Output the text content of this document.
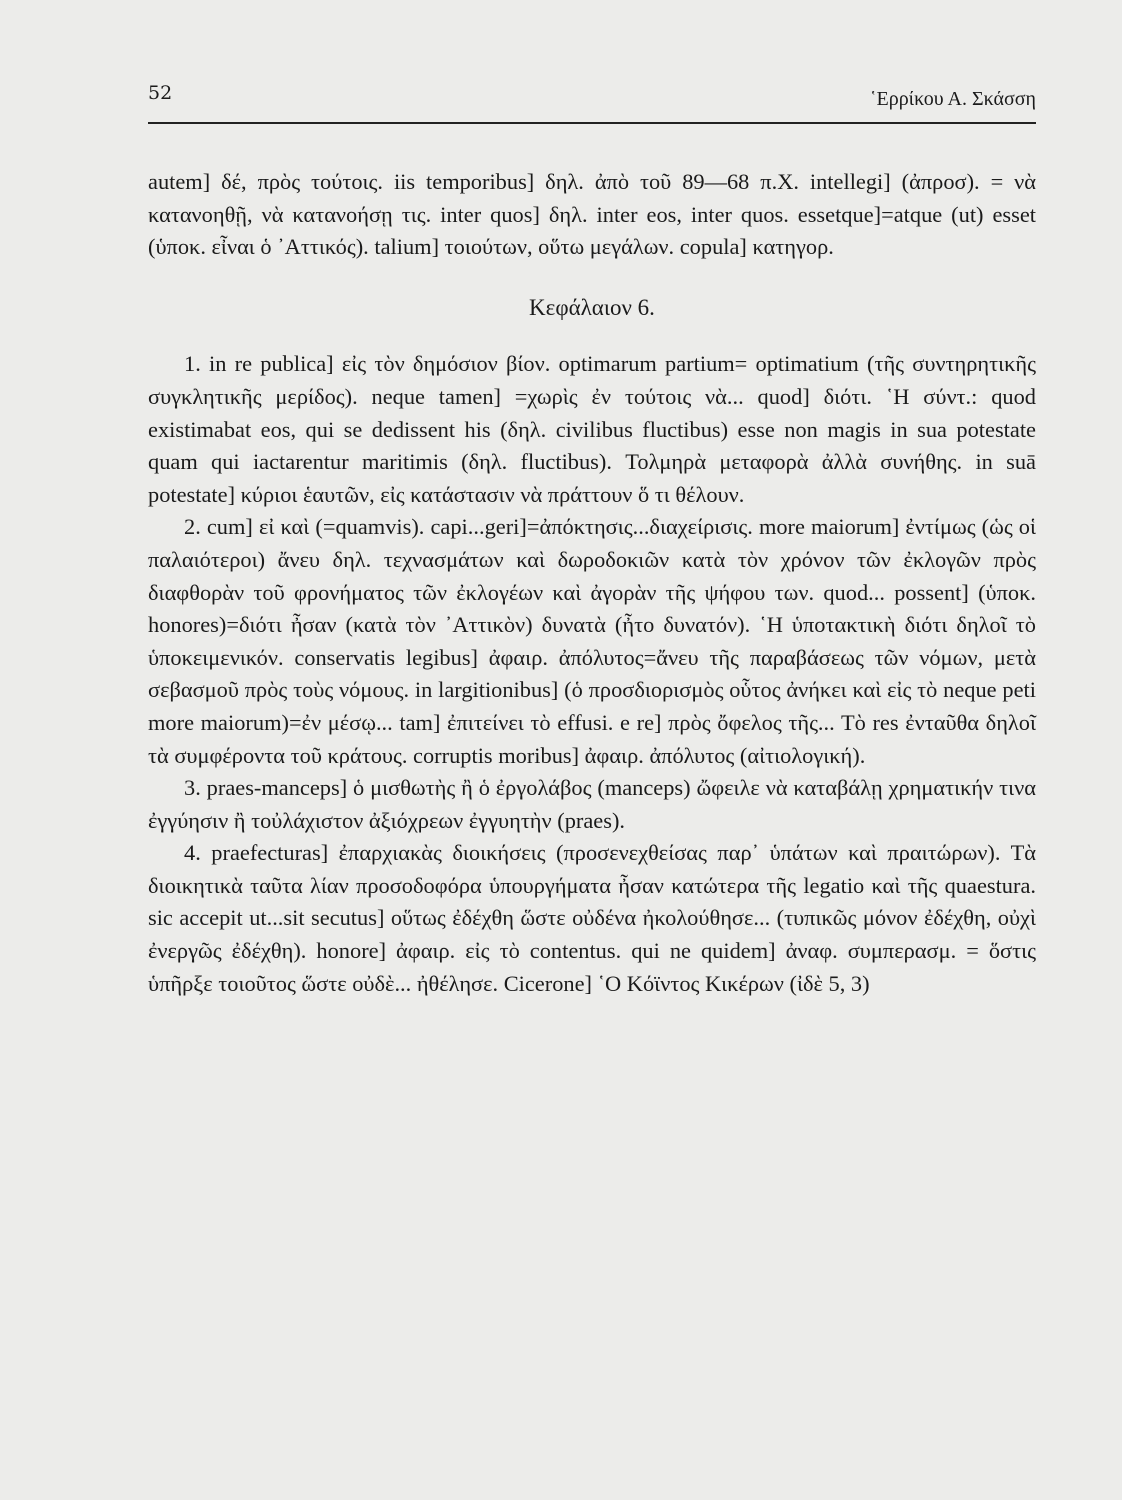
52	῾Ερρίκου Α. Σκάσση

autem] δέ, πρὸς τούτοις. iis temporibus] δηλ. ἀπὸ τοῦ 89—68 π.Χ. intellegi] (ἀπροσ). = νὰ κατανοηθῇ, νὰ κατανοήσῃ τις. inter quos] δηλ. inter eos, inter quos. essetque]=atque (ut) esset (ὑποκ. εἶναι ὁ ᾿Αττικός). talium] τοιούτων, οὕτω μεγάλων. copula] κατηγορ.

Κεφάλαιον 6.

1. in re publica] εἰς τὸν δημόσιον βίον. optimarum partium= optimatium (τῆς συντηρητικῆς συγκλητικῆς μερίδος). neque tamen] =χωρὶς ἐν τούτοις νὰ... quod] διότι. ῾Η σύντ.: quod existimabat eos, qui se dedissent his (δηλ. civilibus fluctibus) esse non magis in sua potestate quam qui iactarentur maritimis (δηλ. fluctibus). Τολμηρὰ μεταφορὰ ἀλλὰ συνήθης. in suā potestate] κύριοι ἑαυτῶν, εἰς κατάστασιν νὰ πράττουν ὅ τι θέλουν.

2. cum] εἰ καὶ (=quamvis). capi...geri]=ἀπόκτησις...διαχείρισις. more maiorum] ἐντίμως (ὡς οἱ παλαιότεροι) ἄνευ δηλ. τεχνασμάτων καὶ δωροδοκιῶν κατὰ τὸν χρόνον τῶν ἐκλογῶν πρὸς διαφθορὰν τοῦ φρονήματος τῶν ἐκλογέων καὶ ἀγορὰν τῆς ψήφου των. quod... possent] (ὑποκ. honores)=διότι ἦσαν (κατὰ τὸν ᾿Αττικὸν) δυνατὰ (ἦτο δυνατόν). ῾Η ὑποτακτικὴ διότι δηλοῖ τὸ ὑποκειμενικόν. conservatis legibus] ἀφαιρ. ἀπόλυτος=ἄνευ τῆς παραβάσεως τῶν νόμων, μετὰ σεβασμοῦ πρὸς τοὺς νόμους. in largitionibus] (ὁ προσδιορισμὸς οὗτος ἀνήκει καὶ εἰς τὸ neque peti more maiorum)=ἐν μέσῳ... tam] ἐπιτείνει τὸ effusi. e re] πρὸς ὄφελος τῆς... Τὸ res ἐνταῦθα δηλοῖ τὰ συμφέροντα τοῦ κράτους. corruptis moribus] ἀφαιρ. ἀπόλυτος (αἰτιολογική).

3. praes-manceps] ὁ μισθωτὴς ἢ ὁ ἐργολάβος (manceps) ὤφειλε νὰ καταβάλῃ χρηματικήν τινα ἐγγύησιν ἢ τοὐλάχιστον ἀξιόχρεων ἐγγυητὴν (praes).

4. praefecturas] ἐπαρχιακὰς διοικήσεις (προσενεχθείσας παρ᾿ ὑπάτων καὶ πραιτώρων). Τὰ διοικητικὰ ταῦτα λίαν προσοδοφόρα ὑπουργήματα ἦσαν κατώτερα τῆς legatio καὶ τῆς quaestura. sic accepit ut...sit secutus] οὕτως ἐδέχθη ὥστε οὐδένα ἠκολούθησε... (τυπικῶς μόνον ἐδέχθη, οὐχὶ ἐνεργῶς ἐδέχθη). honore] ἀφαιρ. εἰς τὸ contentus. qui ne quidem] ἀναφ. συμπερασμ. = ὅστις ὑπῆρξε τοιοῦτος ὥστε οὐδὲ... ἠθέλησε. Cicerone] ῾Ο Κόϊντος Κικέρων (ἰδὲ 5, 3)
